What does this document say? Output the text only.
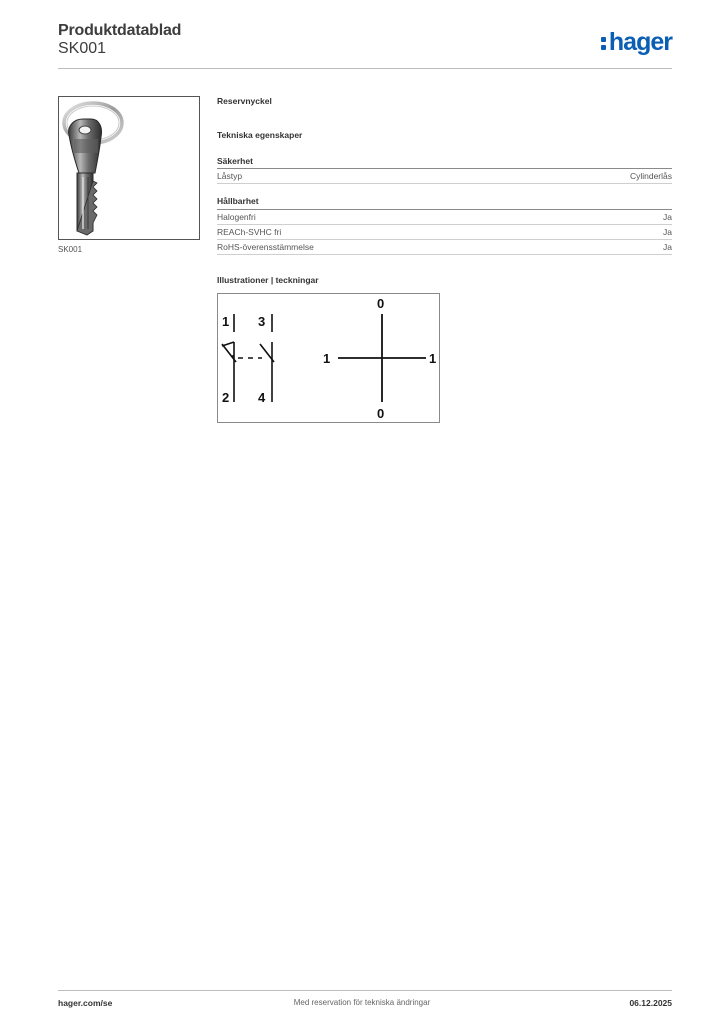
Produktdatablad
SK001	hager
SK001
Reservnyckel
Tekniska egenskaper
Säkerhet
Låstyp	Cylinderlås
Hållbarhet
Halogenfri	Ja
REACh-SVHC fri	Ja
RoHS-överensstämmelse	Ja
Illustrationer | teckningar
1 3
2 4
0
1	1
0
hager.com/se	Med reservation för tekniska ändringar	06.12.2025
